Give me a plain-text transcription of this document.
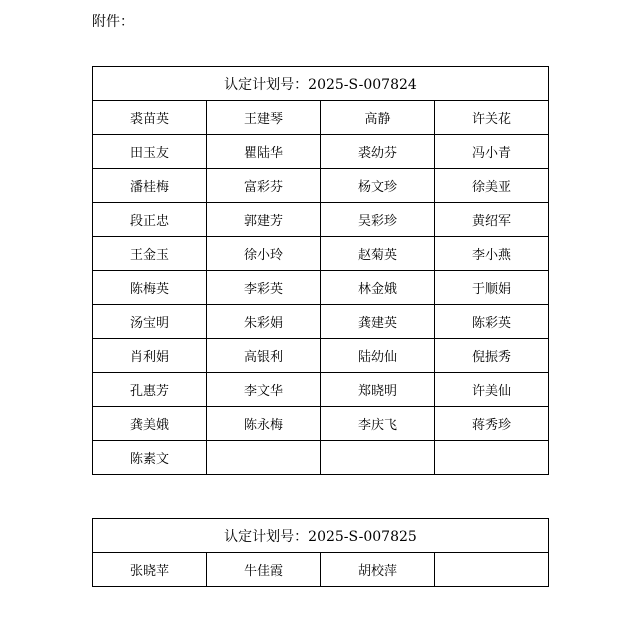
附件：
认定计划号：2025-S-007824			
裘苗英	王建琴	高静	许关花
田玉友	瞿陆华	裘幼芬	冯小青
潘桂梅	富彩芬	杨文珍	徐美亚
段正忠	郭建芳	吴彩珍	黄绍军
王金玉	徐小玲	赵菊英	李小燕
陈梅英	李彩英	林金娥	于顺娟
汤宝明	朱彩娟	龚建英	陈彩英
肖利娟	高银利	陆幼仙	倪振秀
孔惠芳	李文华	郑晓明	许美仙
龚美娥	陈永梅	李庆飞	蒋秀珍
陈素文			
认定计划号：2025-S-007825
张晓苹	牛佳霞	胡校萍	
